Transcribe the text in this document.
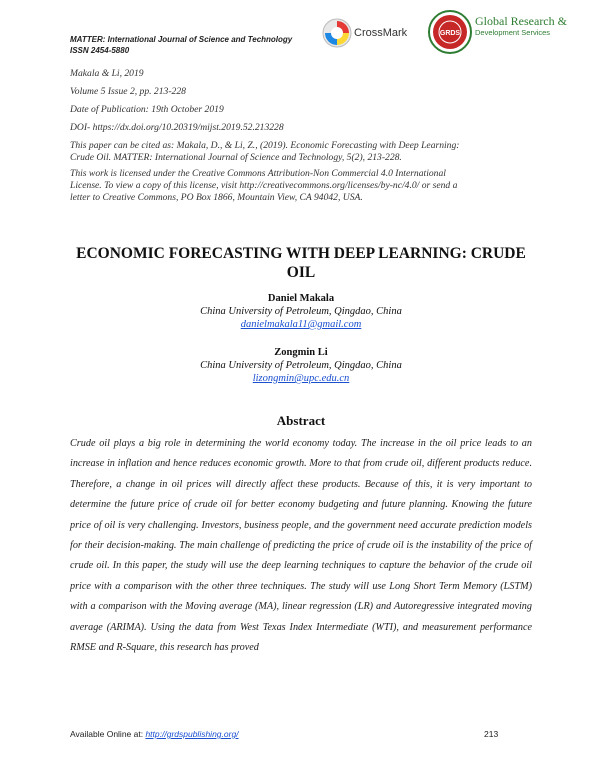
MATTER: International Journal of Science and Technology
ISSN 2454-5880
CrossMark	GRDS
Global Research &
Development Services
Makala & Li, 2019
Volume 5 Issue 2, pp. 213-228
Date of Publication: 19th October 2019
DOI- https://dx.doi.org/10.20319/mijst.2019.52.213228
This paper can be cited as: Makala, D., & Li, Z., (2019). Economic Forecasting with Deep Learning:
Crude Oil. MATTER: International Journal of Science and Technology, 5(2), 213-228.
This work is licensed under the Creative Commons Attribution-Non Commercial 4.0 International
License. To view a copy of this license, visit http://creativecommons.org/licenses/by-nc/4.0/ or send a
letter to Creative Commons, PO Box 1866, Mountain View, CA 94042, USA.
ECONOMIC FORECASTING WITH DEEP LEARNING: CRUDE OIL
Daniel Makala
China University of Petroleum, Qingdao, China
danielmakala11@gmail.com
Zongmin Li
China University of Petroleum, Qingdao, China
lizongmin@upc.edu.cn
Abstract
Crude oil plays a big role in determining the world economy today. The increase in the oil price leads to an increase in inflation and hence reduces economic growth. More to that from crude oil, different products reduce. Therefore, a change in oil prices will directly affect these products. Because of this, it is very important to determine the future price of crude oil for better economy budgeting and future planning. Knowing the future price of oil is very challenging. Investors, business people, and the government need accurate prediction models for their decision-making. The main challenge of predicting the price of crude oil is the instability of the price of crude oil. In this paper, the study will use the deep learning techniques to capture the behavior of the crude oil price with a comparison with the other three techniques. The study will use Long Short Term Memory (LSTM) with a comparison with the Moving average (MA), linear regression (LR) and Autoregressive integrated moving average (ARIMA). Using the data from West Texas Index Intermediate (WTI), and measurement performance RMSE and R-Square, this research has proved
Available Online at: http://grdspublishing.org/	213
